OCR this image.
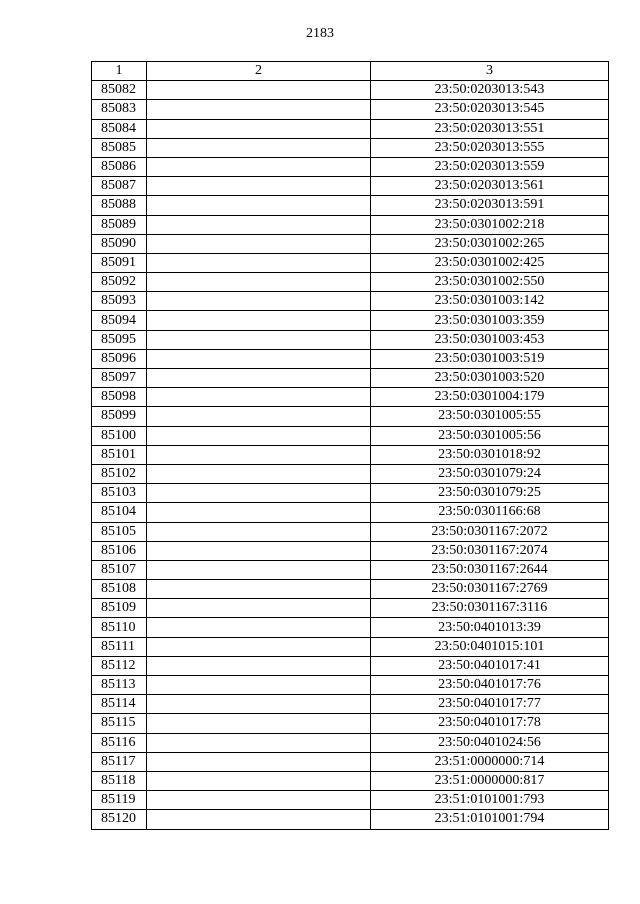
2183
1	2	3
85082		23:50:0203013:543
85083		23:50:0203013:545
85084		23:50:0203013:551
85085		23:50:0203013:555
85086		23:50:0203013:559
85087		23:50:0203013:561
85088		23:50:0203013:591
85089		23:50:0301002:218
85090		23:50:0301002:265
85091		23:50:0301002:425
85092		23:50:0301002:550
85093		23:50:0301003:142
85094		23:50:0301003:359
85095		23:50:0301003:453
85096		23:50:0301003:519
85097		23:50:0301003:520
85098		23:50:0301004:179
85099		23:50:0301005:55
85100		23:50:0301005:56
85101		23:50:0301018:92
85102		23:50:0301079:24
85103		23:50:0301079:25
85104		23:50:0301166:68
85105		23:50:0301167:2072
85106		23:50:0301167:2074
85107		23:50:0301167:2644
85108		23:50:0301167:2769
85109		23:50:0301167:3116
85110		23:50:0401013:39
85111		23:50:0401015:101
85112		23:50:0401017:41
85113		23:50:0401017:76
85114		23:50:0401017:77
85115		23:50:0401017:78
85116		23:50:0401024:56
85117		23:51:0000000:714
85118		23:51:0000000:817
85119		23:51:0101001:793
85120		23:51:0101001:794
